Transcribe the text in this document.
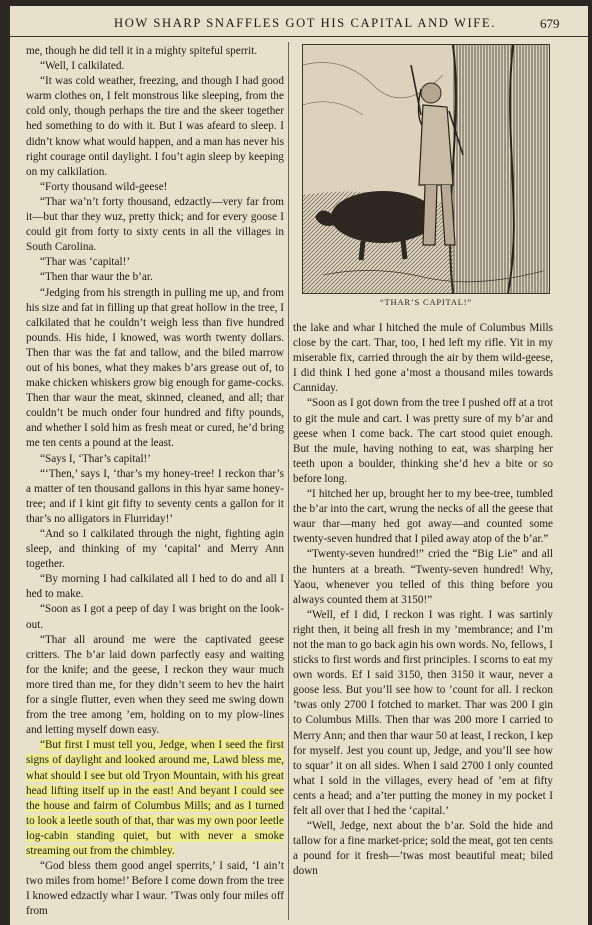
HOW SHARP SNAFFLES GOT HIS CAPITAL AND WIFE.	679

me, though he did tell it in a mighty spiteful sperrit.

“Well, I calkilated.

“It was cold weather, freezing, and though I had good warm clothes on, I felt monstrous like sleeping, from the cold only, though perhaps the tire and the skeer together hed something to do with it. But I was afeard to sleep. I didn’t know what would happen, and a man has never his right courage ontil daylight. I fou’t agin sleep by keeping on my calkilation.

“Forty thousand wild-geese!

“Thar wa’n’t forty thousand, edzactly—very far from it—but thar they wuz, pretty thick; and for every goose I could git from forty to sixty cents in all the villages in South Carolina.

“Thar was ‘capital!’

“Then thar waur the b’ar.

“Jedging from his strength in pulling me up, and from his size and fat in filling up that great hollow in the tree, I calkilated that he couldn’t weigh less than five hundred pounds. His hide, I knowed, was worth twenty dollars. Then thar was the fat and tallow, and the biled marrow out of his bones, what they makes b’ars grease out of, to make chicken whiskers grow big enough for game-cocks. Then thar waur the meat, skinned, cleaned, and all; thar couldn’t be much onder four hundred and fifty pounds, and whether I sold him as fresh meat or cured, he’d bring me ten cents a pound at the least.

“Says I, ‘Thar’s capital!’

“‘Then,’ says I, ‘thar’s my honey-tree! I reckon thar’s a matter of ten thousand gallons in this hyar same honey-tree; and if I kint git fifty to seventy cents a gallon for it thar’s no alligators in Flurriday!’

“And so I calkilated through the night, fighting agin sleep, and thinking of my ‘capital’ and Merry Ann together.

“By morning I had calkilated all I hed to do and all I hed to make.

“Soon as I got a peep of day I was bright on the look-out.

“Thar all around me were the captivated geese critters. The b’ar laid down parfectly easy and waiting for the knife; and the geese, I reckon they waur much more tired than me, for they didn’t seem to hev the hairt for a single flutter, even when they seed me swing down from the tree among ’em, holding on to my plow-lines and letting myself down easy.

“But first I must tell you, Jedge, when I seed the first signs of daylight and looked around me, Lawd bless me, what should I see but old Tryon Mountain, with his great head lifting itself up in the east! And beyant I could see the house and fairm of Columbus Mills; and as I turned to look a leetle south of that, thar was my own poor leetle log-cabin standing quiet, but with never a smoke streaming out from the chimbley.

“God bless them good angel sperrits,’ I said, ‘I ain’t two miles from home!’ Before I come down from the tree I knowed edzactly whar I waur. ’Twas only four miles off from

“THAR’S CAPITAL!”

the lake and whar I hitched the mule of Columbus Mills close by the cart. Thar, too, I hed left my rifle. Yit in my miserable fix, carried through the air by them wild-geese, I did think I hed gone a’most a thousand miles towards Canniday.

“Soon as I got down from the tree I pushed off at a trot to git the mule and cart. I was pretty sure of my b’ar and geese when I come back. The cart stood quiet enough. But the mule, having nothing to eat, was sharping her teeth upon a boulder, thinking she’d hev a bite or so before long.

“I hitched her up, brought her to my bee-tree, tumbled the b’ar into the cart, wrung the necks of all the geese that waur thar—many hed got away—and counted some twenty-seven hundred that I piled away atop of the b’ar.”

“Twenty-seven hundred!” cried the “Big Lie” and all the hunters at a breath. “Twenty-seven hundred! Why, Yaou, whenever you telled of this thing before you always counted them at 3150!”

“Well, ef I did, I reckon I was right. I was sartinly right then, it being all fresh in my ’membrance; and I’m not the man to go back agin his own words. No, fellows, I sticks to first words and first principles. I scorns to eat my own words. Ef I said 3150, then 3150 it waur, never a goose less. But you’ll see how to ’count for all. I reckon ’twas only 2700 I fotched to market. Thar was 200 I gin to Columbus Mills. Then thar was 200 more I carried to Merry Ann; and then thar waur 50 at least, I reckon, I kep for myself. Jest you count up, Jedge, and you’ll see how to squar’ it on all sides. When I said 2700 I only counted what I sold in the villages, every head of ’em at fifty cents a head; and a’ter putting the money in my pocket I felt all over that I hed the ‘capital.’

“Well, Jedge, next about the b’ar. Sold the hide and tallow for a fine market-price; sold the meat, got ten cents a pound for it fresh—’twas most beautiful meat; biled down
